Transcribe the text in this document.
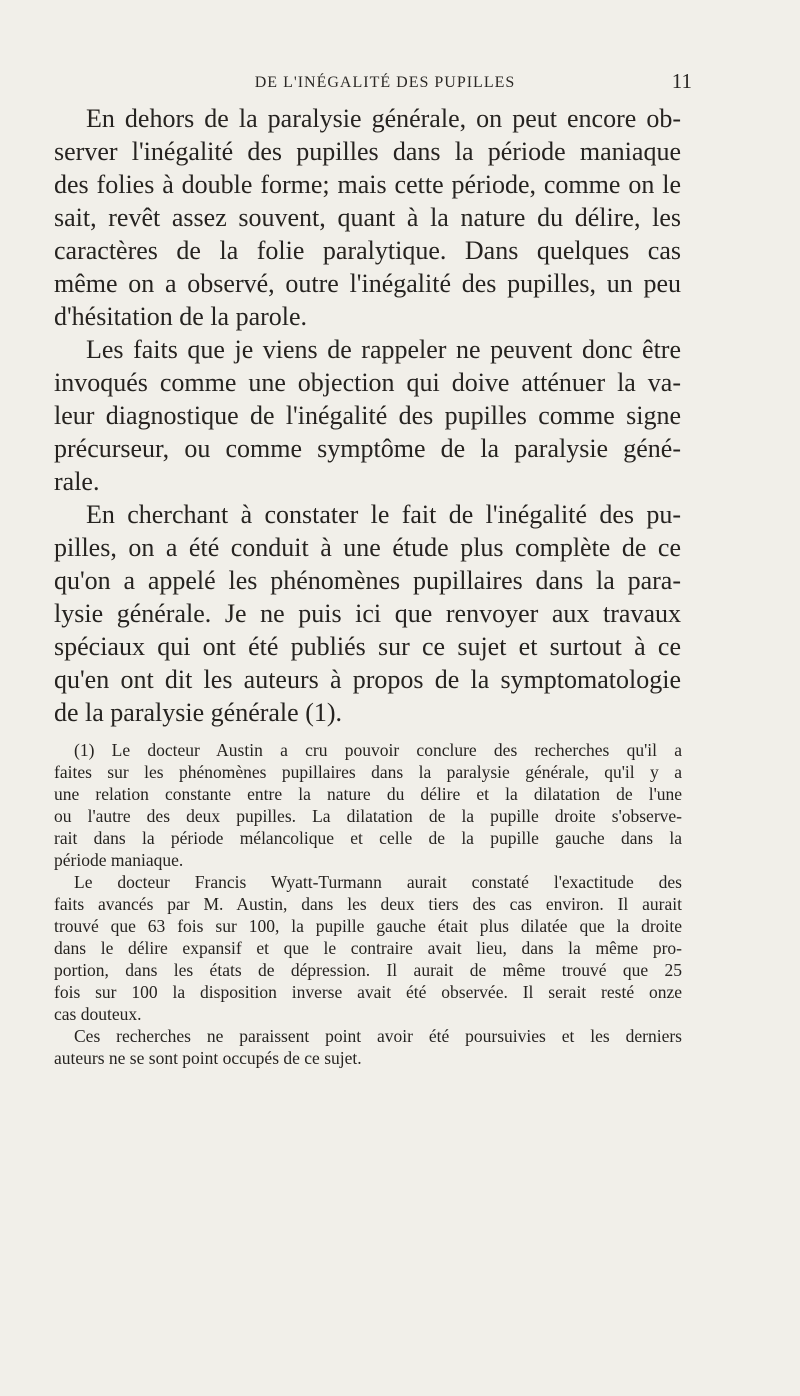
DE L'INÉGALITÉ DES PUPILLES	11

En dehors de la paralysie générale, on peut encore ob-

server l'inégalité des pupilles dans la période maniaque

des folies à double forme; mais cette période, comme on le

sait, revêt assez souvent, quant à la nature du délire, les

caractères de la folie paralytique. Dans quelques cas

même on a observé, outre l'inégalité des pupilles, un peu

d'hésitation de la parole.

Les faits que je viens de rappeler ne peuvent donc être

invoqués comme une objection qui doive atténuer la va-

leur diagnostique de l'inégalité des pupilles comme signe

précurseur, ou comme symptôme de la paralysie géné-

rale.

En cherchant à constater le fait de l'inégalité des pu-

pilles, on a été conduit à une étude plus complète de ce

qu'on a appelé les phénomènes pupillaires dans la para-

lysie générale. Je ne puis ici que renvoyer aux travaux

spéciaux qui ont été publiés sur ce sujet et surtout à ce

qu'en ont dit les auteurs à propos de la symptomatologie

de la paralysie générale (1).

(1) Le docteur Austin a cru pouvoir conclure des recherches qu'il a

faites sur les phénomènes pupillaires dans la paralysie générale, qu'il y a

une relation constante entre la nature du délire et la dilatation de l'une

ou l'autre des deux pupilles. La dilatation de la pupille droite s'observe-

rait dans la période mélancolique et celle de la pupille gauche dans la

période maniaque.

Le docteur Francis Wyatt-Turmann aurait constaté l'exactitude des

faits avancés par M. Austin, dans les deux tiers des cas environ. Il aurait

trouvé que 63 fois sur 100, la pupille gauche était plus dilatée que la droite

dans le délire expansif et que le contraire avait lieu, dans la même pro-

portion, dans les états de dépression. Il aurait de même trouvé que 25

fois sur 100 la disposition inverse avait été observée. Il serait resté onze

cas douteux.

Ces recherches ne paraissent point avoir été poursuivies et les derniers

auteurs ne se sont point occupés de ce sujet.
